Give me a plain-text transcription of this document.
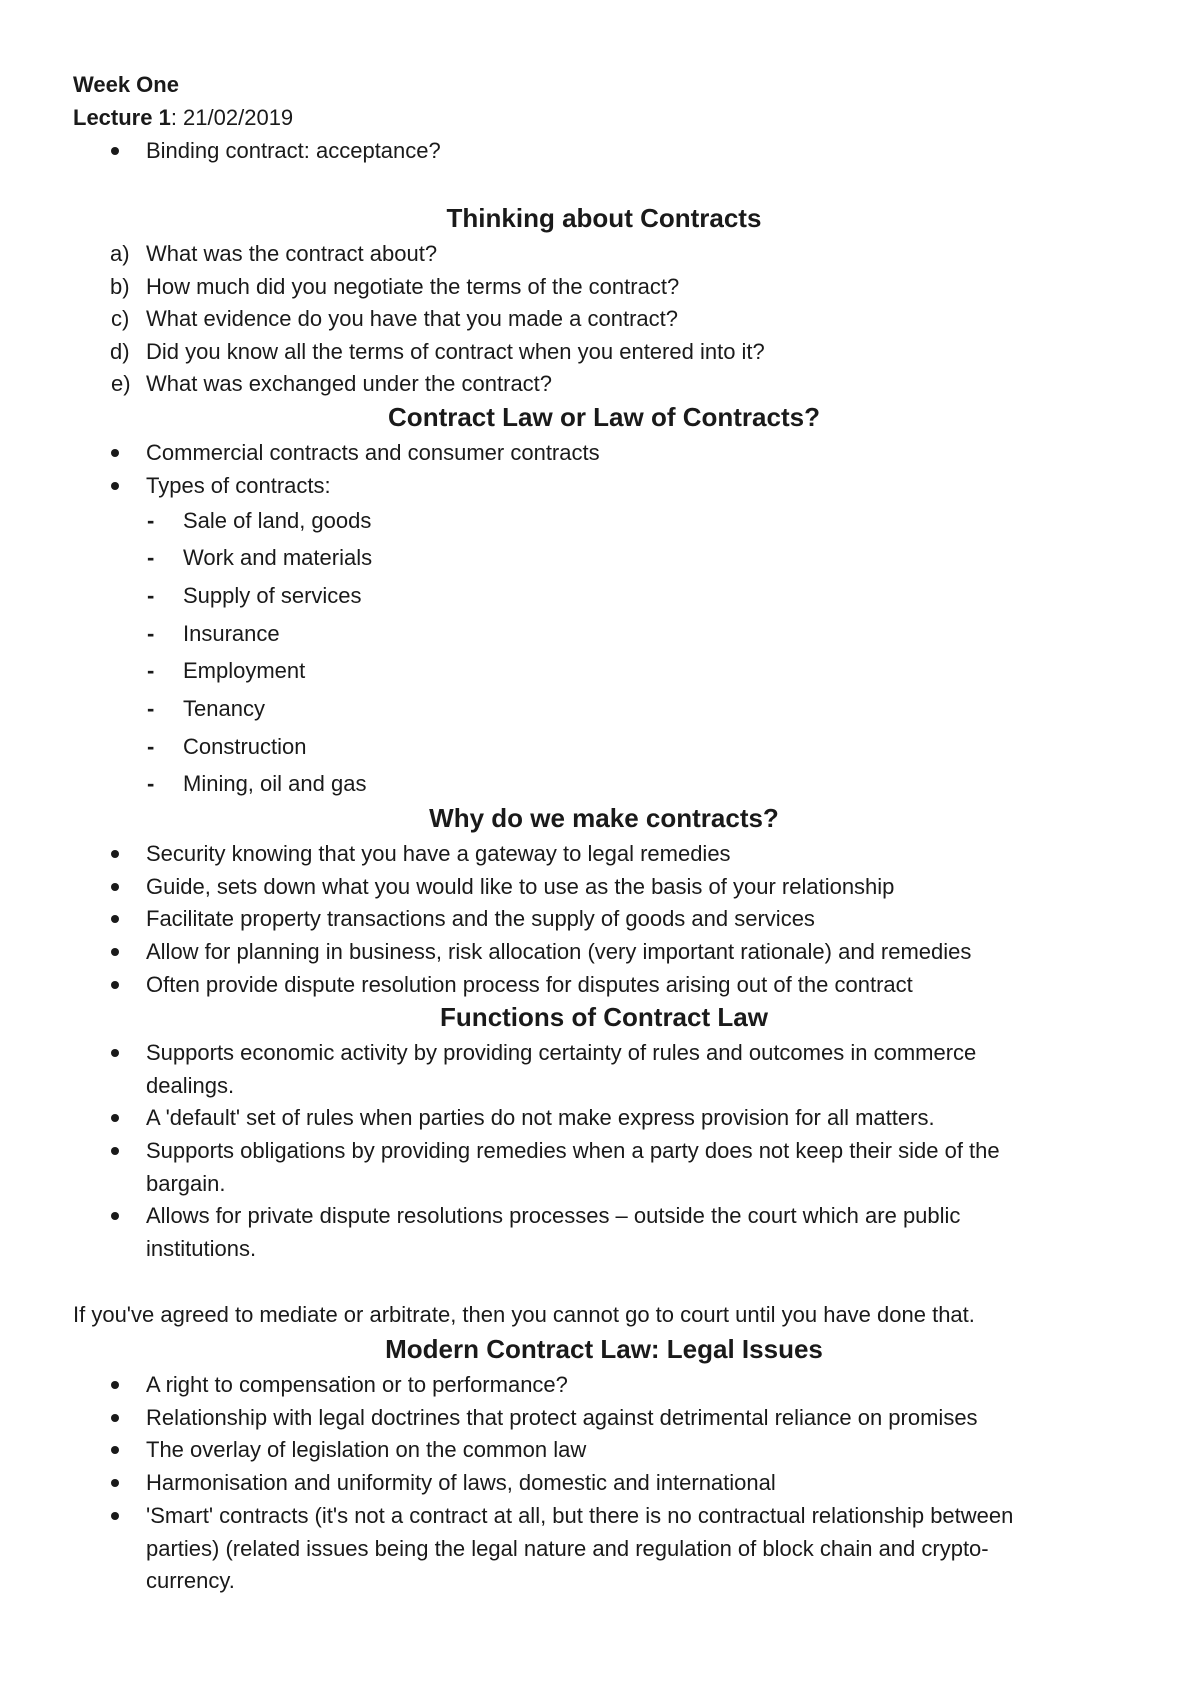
Week One
Lecture 1: 21/02/2019
Binding contract: acceptance?
Thinking about Contracts
a) What was the contract about?
b) How much did you negotiate the terms of the contract?
c) What evidence do you have that you made a contract?
d) Did you know all the terms of contract when you entered into it?
e) What was exchanged under the contract?
Contract Law or Law of Contracts?
Commercial contracts and consumer contracts
Types of contracts:
- Sale of land, goods
- Work and materials
- Supply of services
- Insurance
- Employment
- Tenancy
- Construction
- Mining, oil and gas
Why do we make contracts?
Security knowing that you have a gateway to legal remedies
Guide, sets down what you would like to use as the basis of your relationship
Facilitate property transactions and the supply of goods and services
Allow for planning in business, risk allocation (very important rationale) and remedies
Often provide dispute resolution process for disputes arising out of the contract
Functions of Contract Law
Supports economic activity by providing certainty of rules and outcomes in commerce
dealings.
A 'default' set of rules when parties do not make express provision for all matters.
Supports obligations by providing remedies when a party does not keep their side of the
bargain.
Allows for private dispute resolutions processes – outside the court which are public
institutions.
If you've agreed to mediate or arbitrate, then you cannot go to court until you have done that.
Modern Contract Law: Legal Issues
A right to compensation or to performance?
Relationship with legal doctrines that protect against detrimental reliance on promises
The overlay of legislation on the common law
Harmonisation and uniformity of laws, domestic and international
'Smart' contracts (it's not a contract at all, but there is no contractual relationship between
parties) (related issues being the legal nature and regulation of block chain and crypto-
currency.
